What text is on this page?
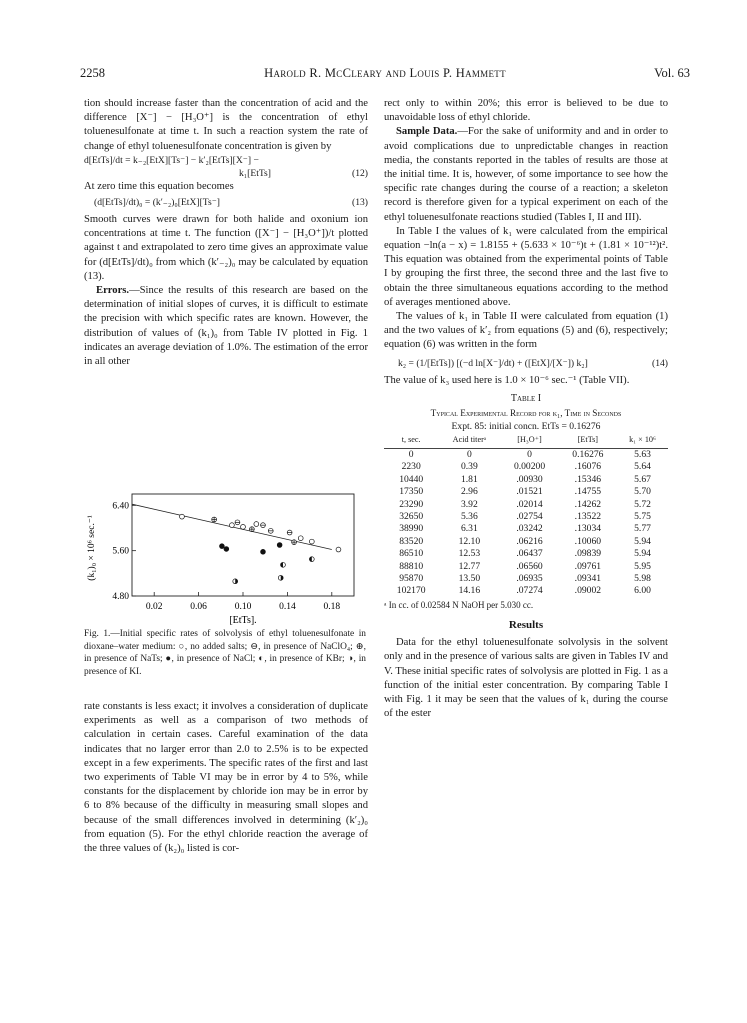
2258	Harold R. McCleary and Louis P. Hammett	Vol. 63

tion should increase faster than the concentration of acid and the difference [X⁻] − [H₃O⁺] is the concentration of ethyl toluenesulfonate at time t. In such a reaction system the rate of change of ethyl toluenesulfonate concentration is given by

d[EtTs]/dt = k₋₂[EtX][Ts⁻] − k′₂[EtTs][X⁻] −
k₁[EtTs]	(12)

At zero time this equation becomes

(d[EtTs]/dt)₀ = (k′₋₂)₀[EtX][Ts⁻]	(13)

Smooth curves were drawn for both halide and oxonium ion concentrations at time t. The function ([X⁻] − [H₃O⁺])/t plotted against t and extrapolated to zero time gives an approximate value for (d[EtTs]/dt)₀ from which (k′₋₂)₀ may be calculated by equation (13).

Errors.—Since the results of this research are based on the determination of initial slopes of curves, it is difficult to estimate the precision with which specific rates are known. However, the distribution of values of (k₁)₀ from Table IV plotted in Fig. 1 indicates an average deviation of 1.0%. The estimation of the error in all other

0.02	0.06	0.10	0.14	0.18
4.80
5.60
6.40
(k₁)₀ × 10⁶ sec.⁻¹
[EtTs].
Fig. 1.—Initial specific rates of solvolysis of ethyl toluenesulfonate in dioxane–water medium: ○, no added salts; ⊖, in presence of NaClO₄; ⊕, in presence of NaTs; ●, in presence of NaCl; ◐, in presence of KBr; ◑, in presence of KI.

rate constants is less exact; it involves a consideration of duplicate experiments as well as a comparison of two methods of calculation in certain cases. Careful examination of the data indicates that no larger error than 2.0 to 2.5% is to be expected except in a few experiments. The specific rates of the first and last two experiments of Table VI may be in error by 4 to 5%, while constants for the displacement by chloride ion may be in error by 6 to 8% because of the difficulty in measuring small slopes and because of the small differences involved in determining (k′₂)₀ from equation (5). For the ethyl chloride reaction the average of the three values of (k₂)₀ listed is cor-

rect only to within 20%; this error is believed to be due to unavoidable loss of ethyl chloride.

Sample Data.—For the sake of uniformity and and in order to avoid complications due to unpredictable changes in reaction media, the constants reported in the tables of results are those at the initial time. It is, however, of some importance to see how the specific rate changes during the course of a reaction; a skeleton record is therefore given for a typical experiment on each of the ethyl toluenesulfonate reactions studied (Tables I, II and III).

In Table I the values of k₁ were calculated from the empirical equation −ln(a − x) = 1.8155 + (5.633 × 10⁻⁶)t + (1.81 × 10⁻¹²)t². This equation was obtained from the experimental points of Table I by grouping the first three, the second three and the last five to obtain the three simultaneous equations according to the method of averages mentioned above.

The values of k₁ in Table II were calculated from equation (1) and the two values of k′₂ from equations (5) and (6), respectively; equation (6) was written in the form

k₂ = (1/[EtTs]) [(−d ln[X⁻]/dt) + ([EtX]/[X⁻]) k₂]	(14)

The value of k₃ used here is 1.0 × 10⁻⁶ sec.⁻¹ (Table VII).

Table I
Typical Experimental Record for k₁, Time in Seconds
Expt. 85: initial concn. EtTs = 0.16276
t, sec.	Acid titerᵃ	[H₃O⁺]	[EtTs]	k₁ × 10⁶
0	0	0	0.16276	5.63
2230	0.39	0.00200	.16076	5.64
10440	1.81	.00930	.15346	5.67
17350	2.96	.01521	.14755	5.70
23290	3.92	.02014	.14262	5.72
32650	5.36	.02754	.13522	5.75
38990	6.31	.03242	.13034	5.77
83520	12.10	.06216	.10060	5.94
86510	12.53	.06437	.09839	5.94
88810	12.77	.06560	.09761	5.95
95870	13.50	.06935	.09341	5.98
102170	14.16	.07274	.09002	6.00
ᵃ In cc. of 0.02584 N NaOH per 5.030 cc.
Results

Data for the ethyl toluenesulfonate solvolysis in the solvent only and in the presence of various salts are given in Tables IV and V. These initial specific rates of solvolysis are plotted in Fig. 1 as a function of the initial ester concentration. By comparing Table I with Fig. 1 it may be seen that the values of k₁ during the course of the ester
